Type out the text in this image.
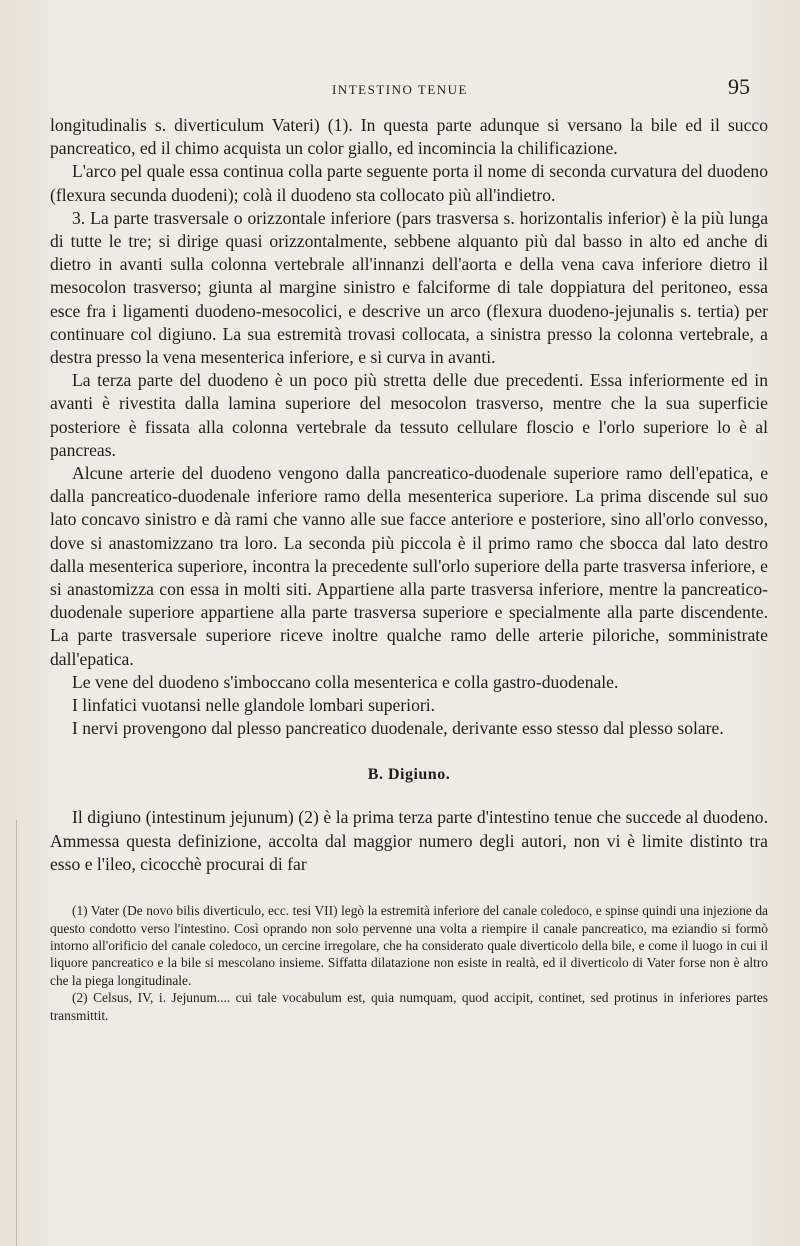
INTESTINO TENUE	95

longitudinalis s. diverticulum Vateri) (1). In questa parte adunque si versano la bile ed il succo pancreatico, ed il chimo acquista un color giallo, ed incomincia la chilificazione.

L'arco pel quale essa continua colla parte seguente porta il nome di seconda curvatura del duodeno (flexura secunda duodeni); colà il duodeno sta collocato più all'indietro.

3. La parte trasversale o orizzontale inferiore (pars trasversa s. horizontalis inferior) è la più lunga di tutte le tre; si dirige quasi orizzontalmente, sebbene alquanto più dal basso in alto ed anche di dietro in avanti sulla colonna vertebrale all'innanzi dell'aorta e della vena cava inferiore dietro il mesocolon trasverso; giunta al margine sinistro e falciforme di tale doppiatura del peritoneo, essa esce fra i ligamenti duodeno-mesocolici, e descrive un arco (flexura duodeno-jejunalis s. tertia) per continuare col digiuno. La sua estremità trovasi collocata, a sinistra presso la colonna vertebrale, a destra presso la vena mesenterica inferiore, e si curva in avanti.

La terza parte del duodeno è un poco più stretta delle due precedenti. Essa inferiormente ed in avanti è rivestita dalla lamina superiore del mesocolon trasverso, mentre che la sua superficie posteriore è fissata alla colonna vertebrale da tessuto cellulare floscio e l'orlo superiore lo è al pancreas.

Alcune arterie del duodeno vengono dalla pancreatico-duodenale superiore ramo dell'epatica, e dalla pancreatico-duodenale inferiore ramo della mesenterica superiore. La prima discende sul suo lato concavo sinistro e dà rami che vanno alle sue facce anteriore e posteriore, sino all'orlo convesso, dove si anastomizzano tra loro. La seconda più piccola è il primo ramo che sbocca dal lato destro dalla mesenterica superiore, incontra la precedente sull'orlo superiore della parte trasversa inferiore, e si anastomizza con essa in molti siti. Appartiene alla parte trasversa inferiore, mentre la pancreatico-duodenale superiore appartiene alla parte trasversa superiore e specialmente alla parte discendente. La parte trasversale superiore riceve inoltre qualche ramo delle arterie piloriche, somministrate dall'epatica.

Le vene del duodeno s'imboccano colla mesenterica e colla gastro-duodenale.

I linfatici vuotansi nelle glandole lombari superiori.

I nervi provengono dal plesso pancreatico duodenale, derivante esso stesso dal plesso solare.

B. Digiuno.

Il digiuno (intestinum jejunum) (2) è la prima terza parte d'intestino tenue che succede al duodeno. Ammessa questa definizione, accolta dal maggior numero degli autori, non vi è limite distinto tra esso e l'ileo, cicocchè procurai di far

(1) Vater (De novo bilis diverticulo, ecc. tesi VII) legò la estremità inferiore del canale coledoco, e spinse quindi una injezione da questo condotto verso l'intestino. Così oprando non solo pervenne una volta a riempire il canale pancreatico, ma eziandio si formò intorno all'orificio del canale coledoco, un cercine irregolare, che ha considerato quale diverticolo della bile, e come il luogo in cui il liquore pancreatico e la bile si mescolano insieme. Siffatta dilatazione non esiste in realtà, ed il diverticolo di Vater forse non è altro che la piega longitudinale.

(2) Celsus, IV, i. Jejunum.... cui tale vocabulum est, quia numquam, quod accipit, continet, sed protinus in inferiores partes transmittit.
